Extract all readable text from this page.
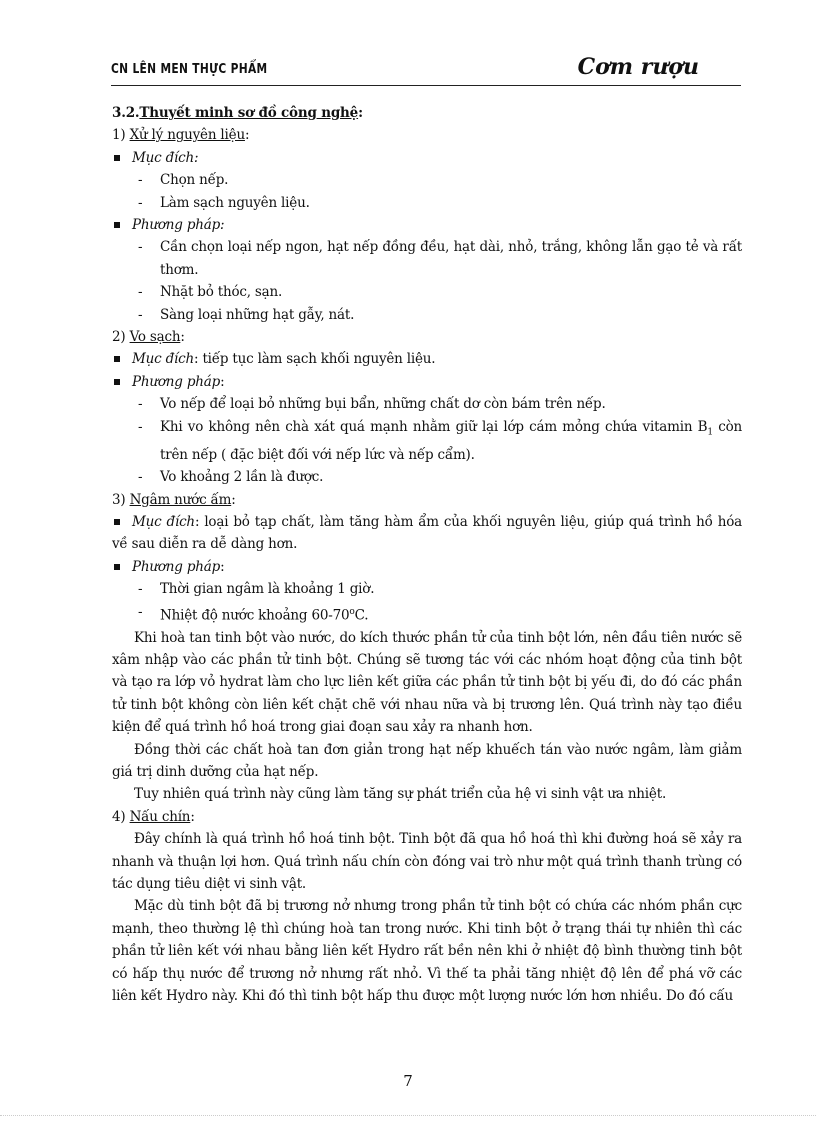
CN LÊN MEN THỰC PHẨM	Cơm rượu

3.2.Thuyết minh sơ đồ công nghệ:

1) Xử lý nguyên liệu:

Mục đích:

- Chọn nếp.

- Làm sạch nguyên liệu.

Phương pháp:

- Cần chọn loại nếp ngon, hạt nếp đồng đều, hạt dài, nhỏ, trắng, không lẫn gạo tẻ và rất thơm.

- Nhặt bỏ thóc, sạn.

- Sàng loại những hạt gẫy, nát.

2) Vo sạch:

Mục đích: tiếp tục làm sạch khối nguyên liệu.

Phương pháp:

- Vo nếp để loại bỏ những bụi bẩn, những chất dơ còn bám trên nếp.

- Khi vo không nên chà xát quá mạnh nhằm giữ lại lớp cám mỏng chứa vitamin $B_1$ còn trên nếp ( đặc biệt đối với nếp lức và nếp cẩm).

- Vo khoảng 2 lần là được.

3) Ngâm nước ấm:

Mục đích: loại bỏ tạp chất, làm tăng hàm ẩm của khối nguyên liệu, giúp quá trình hồ hóa về sau diễn ra dễ dàng hơn.

Phương pháp:

- Thời gian ngâm là khoảng 1 giờ.

- Nhiệt độ nước khoảng 60-70$^o$C.

Khi hoà tan tinh bột vào nước, do kích thước phần tử của tinh bột lớn, nên đầu tiên nước sẽ xâm nhập vào các phần tử tinh bột. Chúng sẽ tương tác với các nhóm hoạt động của tinh bột và tạo ra lớp vỏ hydrat làm cho lực liên kết giữa các phần tử tinh bột bị yếu đi, do đó các phần tử tinh bột không còn liên kết chặt chẽ với nhau nữa và bị trương lên. Quá trình này tạo điều kiện để quá trình hồ hoá trong giai đoạn sau xảy ra nhanh hơn.

Đồng thời các chất hoà tan đơn giản trong hạt nếp khuếch tán vào nước ngâm, làm giảm giá trị dinh dưỡng của hạt nếp.

Tuy nhiên quá trình này cũng làm tăng sự phát triển của hệ vi sinh vật ưa nhiệt.

4) Nấu chín:

Đây chính là quá trình hồ hoá tinh bột. Tinh bột đã qua hồ hoá thì khi đường hoá sẽ xảy ra nhanh và thuận lợi hơn. Quá trình nấu chín còn đóng vai trò như một quá trình thanh trùng có tác dụng tiêu diệt vi sinh vật.

Mặc dù tinh bột đã bị trương nở nhưng trong phần tử tinh bột có chứa các nhóm phần cực mạnh, theo thường lệ thì chúng hoà tan trong nước. Khi tinh bột ở trạng thái tự nhiên thì các phần tử liên kết với nhau bằng liên kết Hydro rất bền nên khi ở nhiệt độ bình thường tinh bột có hấp thụ nước để trương nở nhưng rất nhỏ. Vì thế ta phải tăng nhiệt độ lên để phá vỡ các liên kết Hydro này. Khi đó thì tinh bột hấp thu được một lượng nước lớn hơn nhiều. Do đó cấu

7
